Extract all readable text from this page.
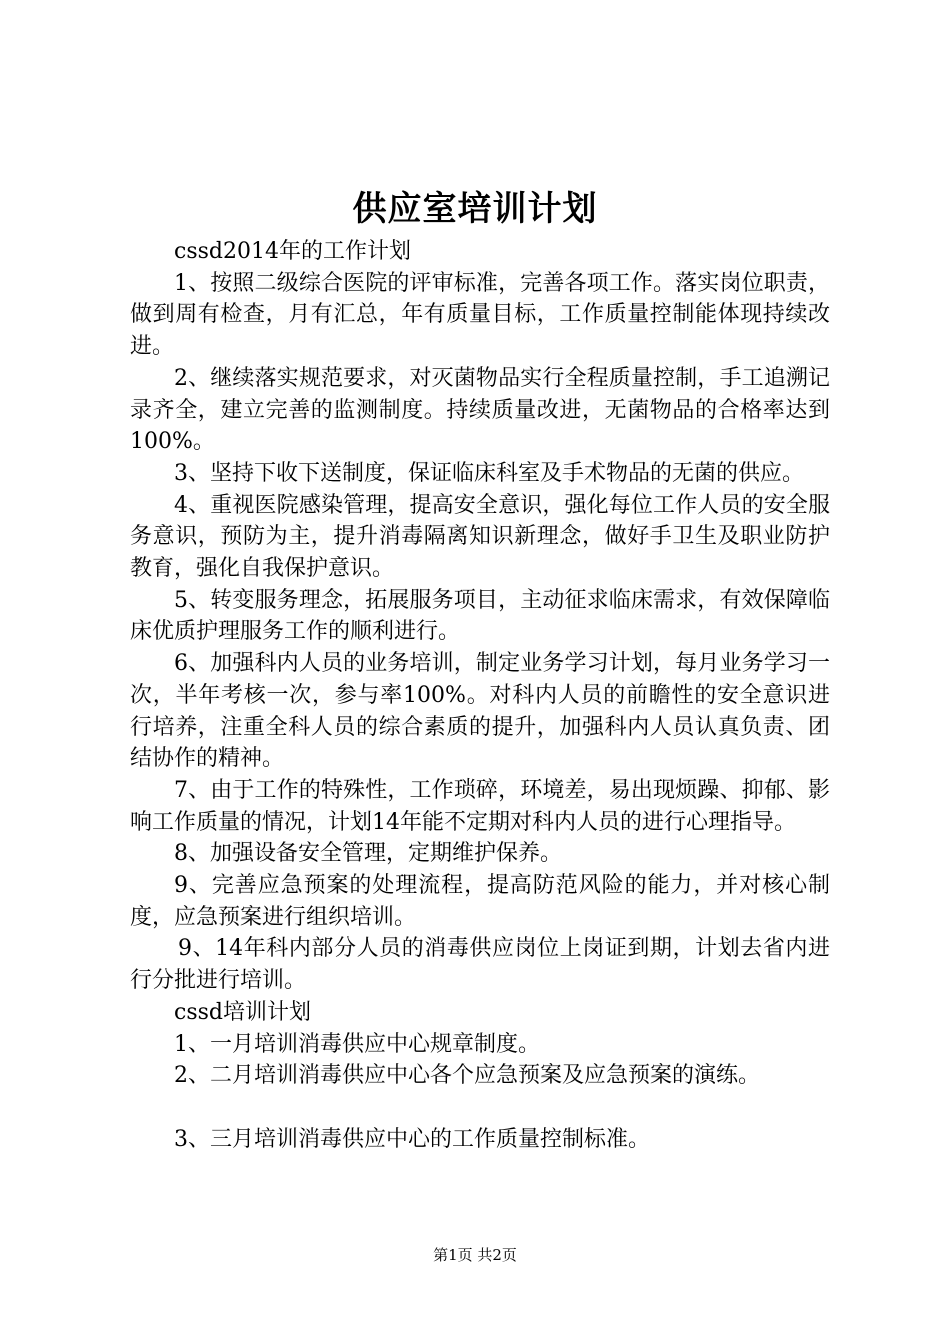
供应室培训计划

cssd2014年的工作计划

1、按照二级综合医院的评审标准，完善各项工作。落实岗位职责，做到周有检查，月有汇总，年有质量目标，工作质量控制能体现持续改进。

2、继续落实规范要求，对灭菌物品实行全程质量控制，手工追溯记录齐全，建立完善的监测制度。持续质量改进，无菌物品的合格率达到100%。

3、坚持下收下送制度，保证临床科室及手术物品的无菌的供应。

4、重视医院感染管理，提高安全意识，强化每位工作人员的安全服务意识，预防为主，提升消毒隔离知识新理念，做好手卫生及职业防护教育，强化自我保护意识。

5、转变服务理念，拓展服务项目，主动征求临床需求，有效保障临床优质护理服务工作的顺利进行。

6、加强科内人员的业务培训，制定业务学习计划，每月业务学习一次，半年考核一次，参与率100%。对科内人员的前瞻性的安全意识进行培养，注重全科人员的综合素质的提升，加强科内人员认真负责、团结协作的精神。

7、由于工作的特殊性，工作琐碎，环境差，易出现烦躁、抑郁、影响工作质量的情况，计划14年能不定期对科内人员的进行心理指导。

8、加强设备安全管理，定期维护保养。

9、完善应急预案的处理流程，提高防范风险的能力，并对核心制度，应急预案进行组织培训。

9、14年科内部分人员的消毒供应岗位上岗证到期，计划去省内进行分批进行培训。

cssd培训计划

1、一月培训消毒供应中心规章制度。

2、二月培训消毒供应中心各个应急预案及应急预案的演练。

3、三月培训消毒供应中心的工作质量控制标准。

第1页 共2页
